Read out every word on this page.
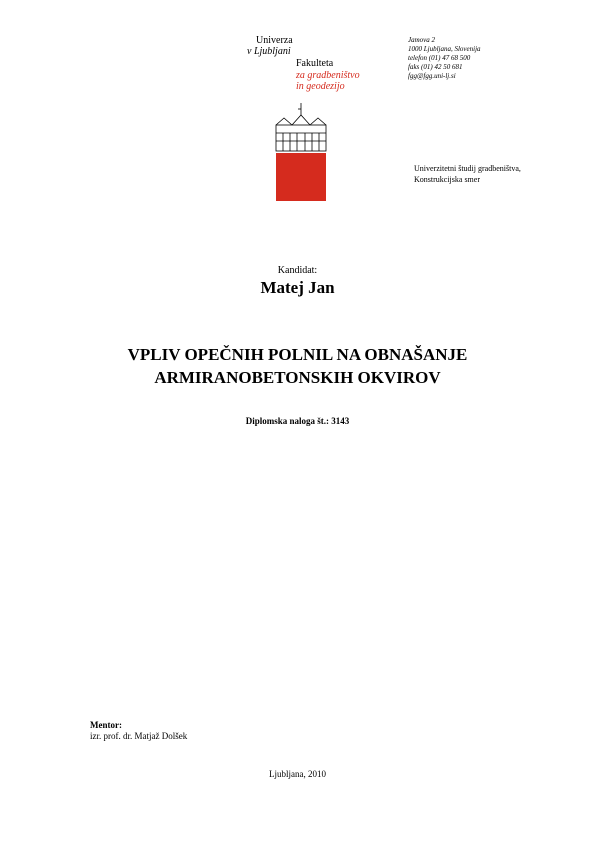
Univerza
v Ljubljani
Fakulteta
za gradbeništvo
in geodezijo
Jamova 2
1000 Ljubljana, Slovenija
telefon (01) 47 68 500
faks (01) 42 50 681
fgg@fgg.uni-lj.si
Univerzitetni študij gradbeništva,
Konstrukcijska smer
Kandidat:
Matej Jan
VPLIV OPEČNIH POLNIL NA OBNAŠANJE
ARMIRANOBETONSKIH OKVIROV
Diplomska naloga št.: 3143
Mentor:
izr. prof. dr. Matjaž Dolšek
Ljubljana, 2010
